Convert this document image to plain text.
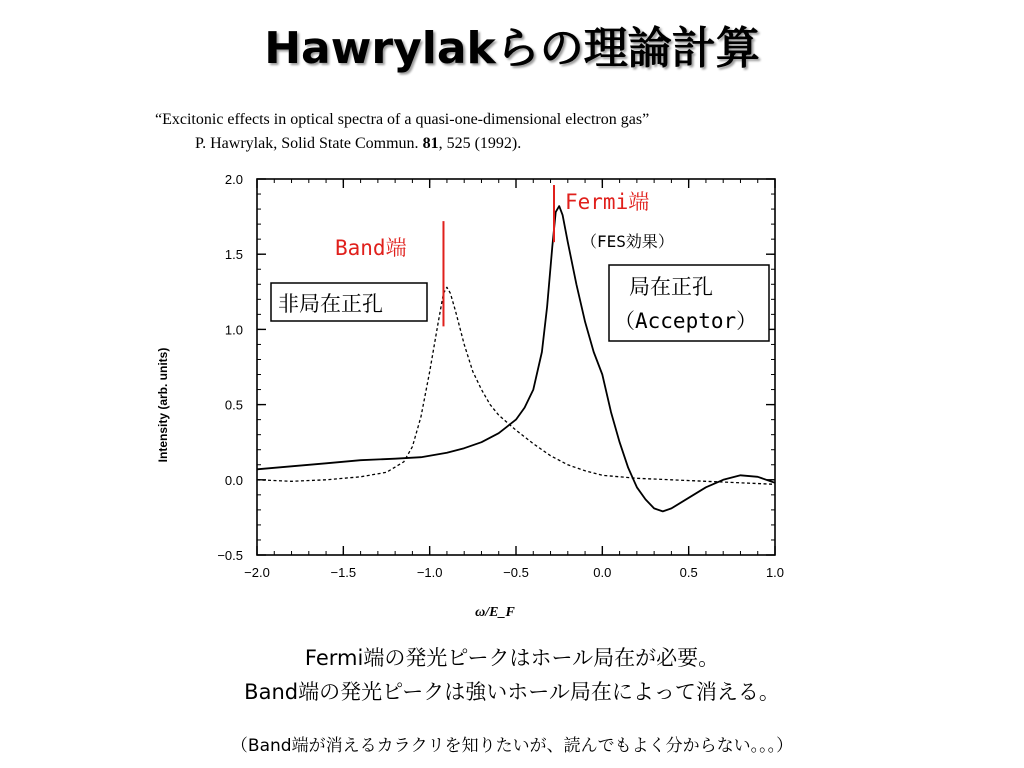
Hawrylakらの理論計算
“Excitonic effects in optical spectra of a quasi-one-dimensional electron gas”
P. Hawrylak, Solid State Commun. 81, 525 (1992).
−2.0	−1.5	−1.0	−0.5	0.0	0.5	1.0
−0.5
0.0
0.5
1.0
1.5
2.0
Intensity (arb. units)
ω/E_F
Band端
Fermi端
（FES効果）
非局在正孔
局在正孔
（Acceptor）
Fermi端の発光ピークはホール局在が必要。
Band端の発光ピークは強いホール局在によって消える。
（Band端が消えるカラクリを知りたいが、読んでもよく分からない。。。）
